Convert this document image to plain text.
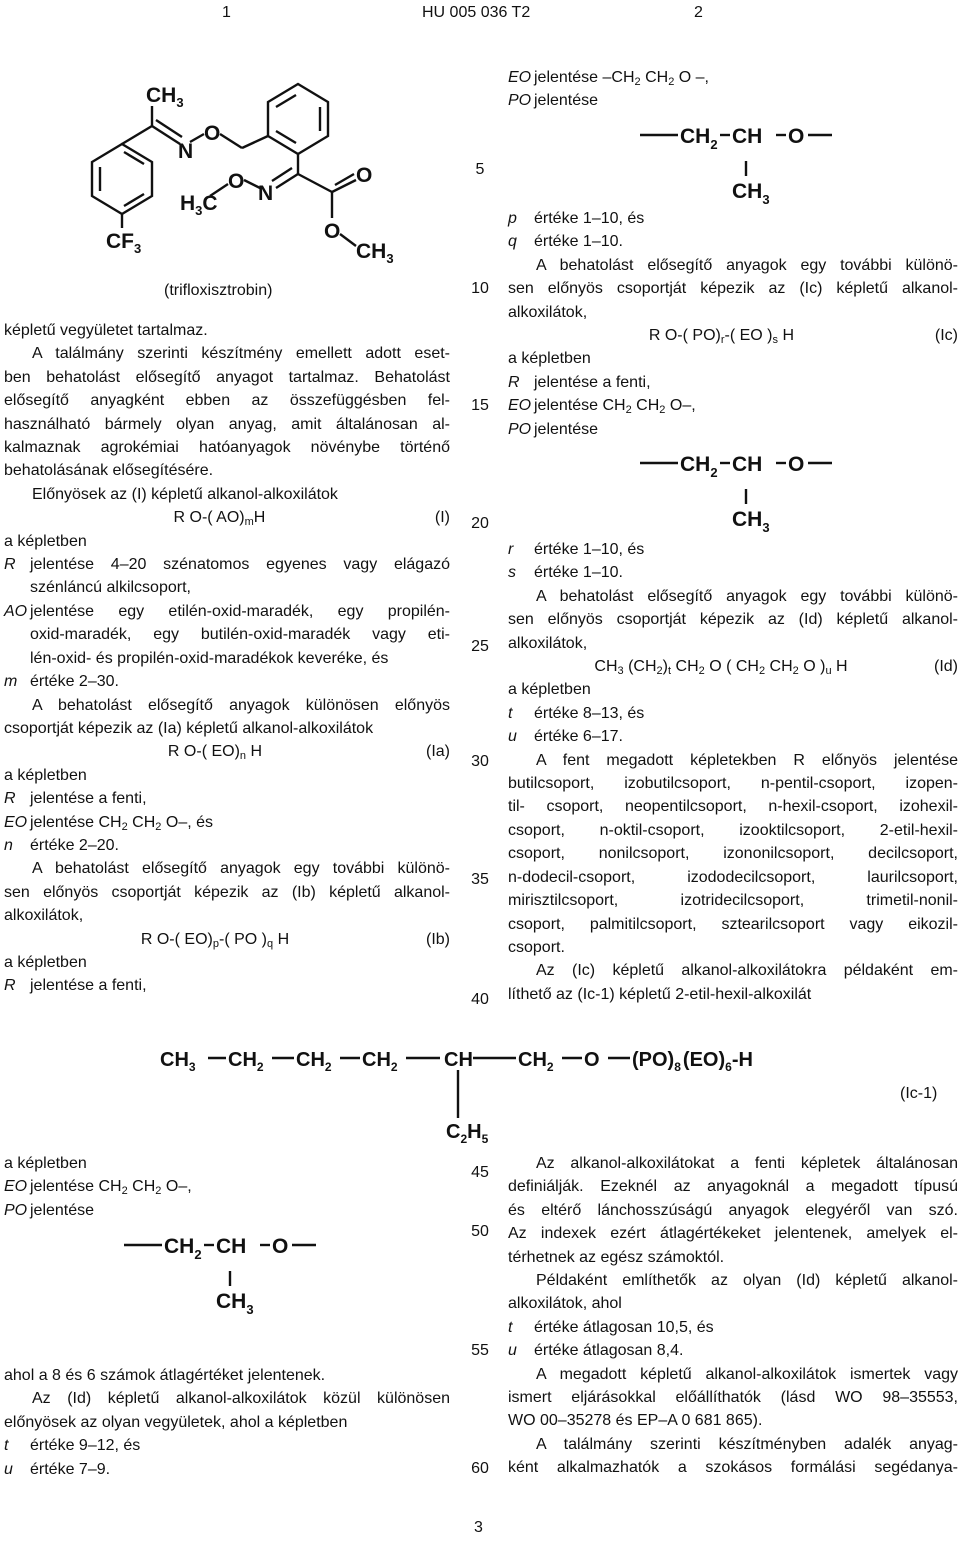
1	HU 005 036 T2	2
$CH_3$
N
O
$H_3C$
O
N
O
O
$CF_3$	$CH_3$
(trifloxisztrobin)

képletű vegyületet tartalmaz.

A találmány szerinti készítmény emellett adott eset-

ben behatolást elősegítő anyagot tartalmaz. Behatolást

elősegítő anyagként ebben az összefüggésben fel-

használható bármely olyan anyag, amit általánosan al-

kalmaznak agrokémiai hatóanyagok növénybe történő

behatolásának elősegítésére.

Előnyösek az (I) képletű alkanol-alkoxilátok

R O-( $AO)_mH$	(I)

a képletben

R jelentése 4–20 szénatomos egyenes vagy elágazó

szénláncú alkilcsoport,

AO jelentése egy etilén-oxid-maradék, egy propilén-

oxid-maradék, egy butilén-oxid-maradék vagy eti-

lén-oxid- és propilén-oxid-maradékok keveréke, és

m értéke 2–30.

A behatolást elősegítő anyagok különösen előnyös

csoportját képezik az (Ia) képletű alkanol-alkoxilátok

R O-( $EO)_n$ H	(Ia)

a képletben

R jelentése a fenti,
EO jelentése $CH_2$ $CH_2$ O–, és
n	értéke 2–20.

A behatolást elősegítő anyagok egy további különö-

sen előnyös csoportját képezik az (Ib) képletű alkanol-

alkoxilátok,

R O-( $EO)_p-$( PO )$_q$ H	(Ib)

a képletben

R jelentése a fenti,
5
10
15
20
25
30
35
40
45
50
55
60
EO jelentése $-CH_2$ $CH_2$ O –,
PO jelentése
$CH_2$ CH O
$CH_3$
p	értéke 1–10, és
q	értéke 1–10.

A behatolást elősegítő anyagok egy további különö-

sen előnyös csoportját képezik az (Ic) képletű alkanol-

alkoxilátok,

R O-( $PO)_r-$( EO )$_s$ H	(Ic)

a képletben

R jelentése a fenti,
EO jelentése $CH_2$ $CH_2$ O–,
PO jelentése
$CH_2$ CH O
$CH_3$
r	értéke 1–10, és
s	értéke 1–10.

A behatolást elősegítő anyagok egy további különö-

sen előnyös csoportját képezik az (Id) képletű alkanol-

alkoxilátok,

$CH_3$ $(CH_2)_t$ $CH_2$ O ( $CH_2$ $CH_2$ O )$_u$ H	(Id)

a képletben

t	értéke 8–13, és
u	értéke 6–17.

A fent megadott képletekben R előnyös jelentése

butilcsoport, izobutilcsoport, n-pentil-csoport, izopen-

til- csoport, neopentilcsoport, n-hexil-csoport, izohexil-

csoport, n-oktil-csoport, izooktilcsoport, 2-etil-hexil-

csoport, nonilcsoport, izononilcsoport, decilcsoport,

n-dodecil-csoport, izododecilcsoport, laurilcsoport,

mirisztilcsoport, izotridecilcsoport, trimetil-nonil-

csoport, palmitilcsoport, sztearilcsoport vagy eikozil-

csoport.

Az (Ic) képletű alkanol-alkoxilátokra példaként em-

líthető az (Ic-1) képletű 2-etil-hexil-alkoxilát

$CH_3$ $CH_2$ $CH_2$ $CH_2$ CH $CH_2$ O $(PO)_8$ $(EO)_6-H$
$C_2H_5$
(Ic-1)

a képletben

EO jelentése $CH_2$ $CH_2$ O–,
PO jelentése
$CH_2$ CH O
$CH_3$

ahol a 8 és 6 számok átlagértéket jelentenek.

Az (Id) képletű alkanol-alkoxilátok közül különösen

előnyösek az olyan vegyületek, ahol a képletben

t	értéke 9–12, és
u	értéke 7–9.

Az alkanol-alkoxilátokat a fenti képletek általánosan

definiálják. Ezeknél az anyagoknál a megadott típusú

és eltérő lánchosszúságú anyagok elegyéről van szó.

Az indexek ezért átlagértékeket jelentenek, amelyek el-

térhetnek az egész számoktól.

Példaként említhetők az olyan (Id) képletű alkanol-

alkoxilátok, ahol

t	értéke átlagosan 10,5, és
u	értéke átlagosan 8,4.

A megadott képletű alkanol-alkoxilátok ismertek vagy

ismert eljárásokkal előállíthatók (lásd WO 98–35553,

WO 00–35278 és EP–A 0 681 865).

A találmány szerinti készítményben adalék anyag-

ként alkalmazhatók a szokásos formálási segédanya-

3
